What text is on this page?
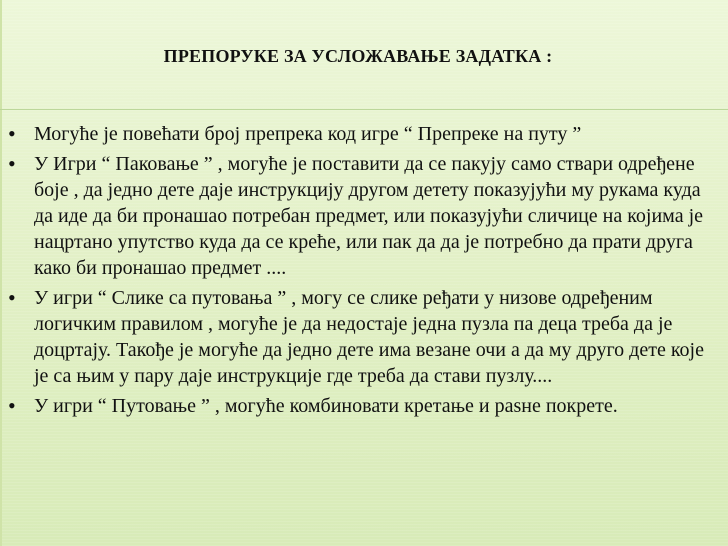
ПРЕПОРУКЕ ЗА УСЛОЖАВАЊЕ ЗАДАТКА :
• Могуће је повећати број препрека код игре “ Препреке на путу ”
• У Игри “ Паковање ” , могуће је поставити да се пакују само ствари одређене боје , да једно дете даје инструкцију другом детету показујући му рукама куда да иде да би пронашао потребан предмет, или показујући сличице на којима је нацртано упутство куда да се креће, или пак да да је потребно да прати друга како би пронашао предмет ....
• У игри “ Слике са путовања ” , могу се слике ређати у низове одређеним логичким правилом , могуће је да недостаје једна пузла па деца треба да је доцртају. Такође је могуће да једно дете има везане очи а да му друго дете које је са њим у пару даје инструкције где треба да стави пузлу....
• У игри “ Путовање ” , могуће комбиновати кретање и раsне покрете.
